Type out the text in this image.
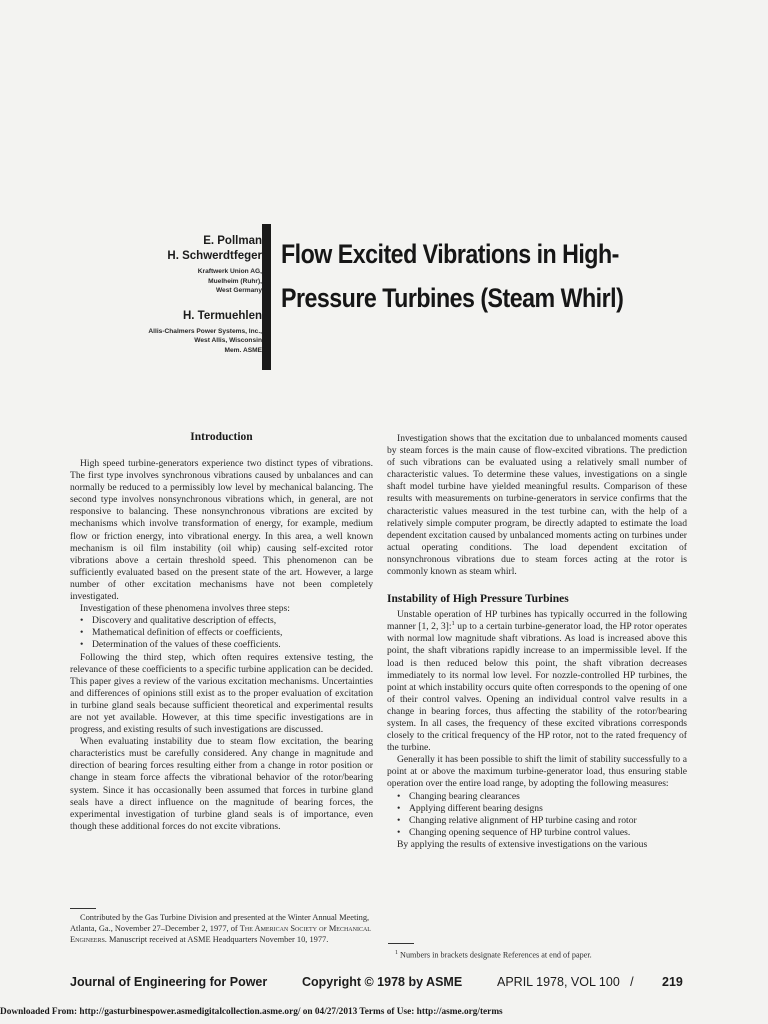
E. Pollman
H. Schwerdtfeger
Kraftwerk Union AG,
Muelheim (Ruhr),
West Germany
H. Termuehlen
Allis-Chalmers Power Systems, Inc.,
West Allis, Wisconsin
Mem. ASME
Flow Excited Vibrations in High-
Pressure Turbines (Steam Whirl)
Introduction

High speed turbine-generators experience two distinct types of vibrations. The first type involves synchronous vibrations caused by unbalances and can normally be reduced to a permissibly low level by mechanical balancing. The second type involves nonsynchronous vibrations which, in general, are not responsive to balancing. These nonsynchronous vibrations are excited by mechanisms which involve transformation of energy, for example, medium flow or friction energy, into vibrational energy. In this area, a well known mechanism is oil film instability (oil whip) causing self-excited rotor vibrations above a certain threshold speed. This phenomenon can be sufficiently evaluated based on the present state of the art. However, a large number of other excitation mechanisms have not been completely investigated.

Investigation of these phenomena involves three steps:

• Discovery and qualitative description of effects,
• Mathematical definition of effects or coefficients,
• Determination of the values of these coefficients.

Following the third step, which often requires extensive testing, the relevance of these coefficients to a specific turbine application can be decided. This paper gives a review of the various excitation mechanisms. Uncertainties and differences of opinions still exist as to the proper evaluation of excitation in turbine gland seals because sufficient theoretical and experimental results are not yet available. However, at this time specific investigations are in progress, and existing results of such investigations are discussed.

When evaluating instability due to steam flow excitation, the bearing characteristics must be carefully considered. Any change in magnitude and direction of bearing forces resulting either from a change in rotor position or change in steam force affects the vibrational behavior of the rotor/bearing system. Since it has occasionally been assumed that forces in turbine gland seals have a direct influence on the magnitude of bearing forces, the experimental investigation of turbine gland seals is of importance, even though these additional forces do not excite vibrations.

Contributed by the Gas Turbine Division and presented at the Winter Annual Meeting, Atlanta, Ga., November 27–December 2, 1977, of The American Society of Mechanical Engineers. Manuscript received at ASME Headquarters November 10, 1977.

Investigation shows that the excitation due to unbalanced moments caused by steam forces is the main cause of flow-excited vibrations. The prediction of such vibrations can be evaluated using a relatively small number of characteristic values. To determine these values, investigations on a single shaft model turbine have yielded meaningful results. Comparison of these results with measurements on turbine-generators in service confirms that the characteristic values measured in the test turbine can, with the help of a relatively simple computer program, be directly adapted to estimate the load dependent excitation caused by unbalanced moments acting on turbines under actual operating conditions. The load dependent excitation of nonsynchronous vibrations due to steam forces acting at the rotor is commonly known as steam whirl.

Instability of High Pressure Turbines

Unstable operation of HP turbines has typically occurred in the following manner [1, 2, 3]:$^1$ up to a certain turbine-generator load, the HP rotor operates with normal low magnitude shaft vibrations. As load is increased above this point, the shaft vibrations rapidly increase to an impermissible level. If the load is then reduced below this point, the shaft vibration decreases immediately to its normal low level. For nozzle-controlled HP turbines, the point at which instability occurs quite often corresponds to the opening of one of their control valves. Opening an individual control valve results in a change in bearing forces, thus affecting the stability of the rotor/bearing system. In all cases, the frequency of these excited vibrations corresponds closely to the critical frequency of the HP rotor, not to the rated frequency of the turbine.

Generally it has been possible to shift the limit of stability successfully to a point at or above the maximum turbine-generator load, thus ensuring stable operation over the entire load range, by adopting the following measures:

• Changing bearing clearances
• Applying different bearing designs
• Changing relative alignment of HP turbine casing and rotor
• Changing opening sequence of HP turbine control values.

By applying the results of extensive investigations on the various

$^1$ Numbers in brackets designate References at end of paper.
Journal of Engineering for Power	Copyright © 1978 by ASME	APRIL 1978, VOL 100   / 219
Downloaded From: http://gasturbinespower.asmedigitalcollection.asme.org/ on 04/27/2013 Terms of Use: http://asme.org/terms
